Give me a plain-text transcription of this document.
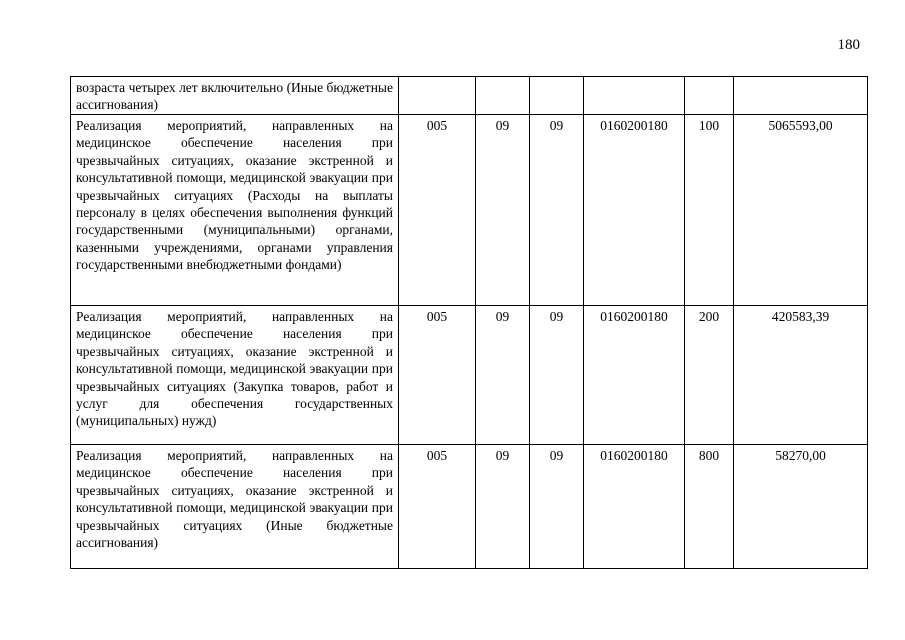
180
возраста четырех лет включительно (Иные бюджетные ассигнования)						
Реализация мероприятий, направленных на медицинское обеспечение населения при чрезвычайных ситуациях, оказание экстренной и консультативной помощи, медицинской эвакуации при чрезвычайных ситуациях (Расходы на выплаты персоналу в целях обеспечения выполнения функций государственными (муниципальными) органами, казенными учреждениями, органами управления государственными внебюджетными фондами)	005	09	09	0160200180	100	5065593,00
Реализация мероприятий, направленных на медицинское обеспечение населения при чрезвычайных ситуациях, оказание экстренной и консультативной помощи, медицинской эвакуации при чрезвычайных ситуациях (Закупка товаров, работ и услуг для обеспечения государственных (муниципальных) нужд)	005	09	09	0160200180	200	420583,39
Реализация мероприятий, направленных на медицинское обеспечение населения при чрезвычайных ситуациях, оказание экстренной и консультативной помощи, медицинской эвакуации при чрезвычайных ситуациях (Иные бюджетные ассигнования)	005	09	09	0160200180	800	58270,00
